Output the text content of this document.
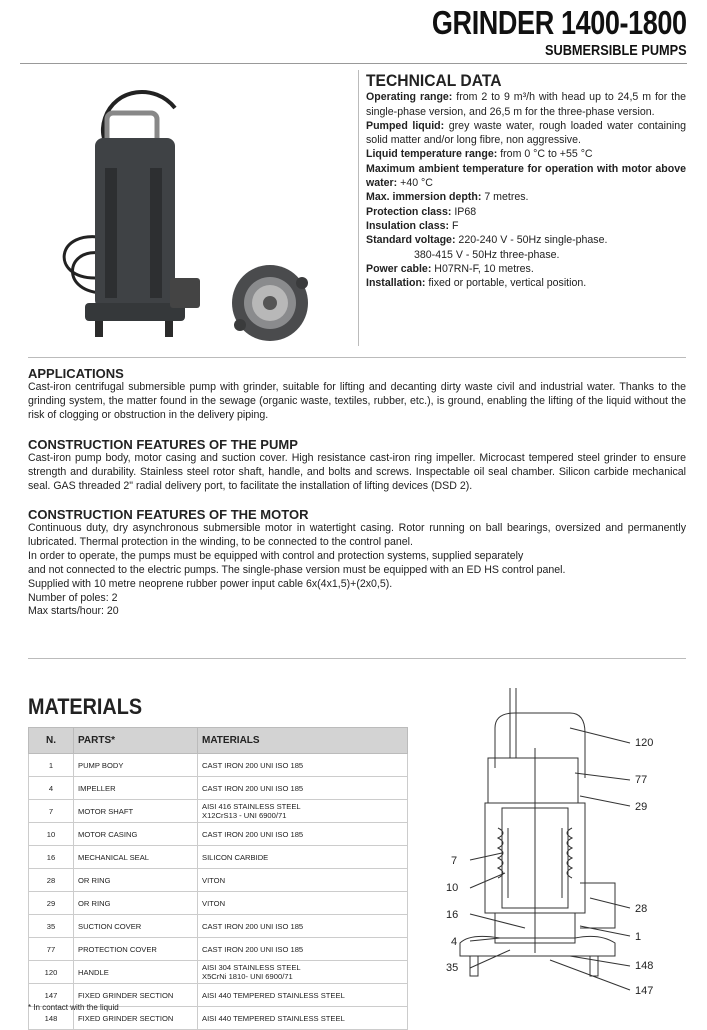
GRINDER 1400-1800
SUBMERSIBLE PUMPS
TECHNICAL DATA

Operating range: from 2 to 9 m³/h with head up to 24,5 m for the single-phase version, and 26,5 m for the three-phase version.

Pumped liquid: grey waste water, rough loaded water containing solid matter and/or long fibre, non aggressive.

Liquid temperature range: from 0 °C to +55 °C

Maximum ambient temperature for operation with motor above water: +40 °C

Max. immersion depth: 7 metres.

Protection class: IP68

Insulation class: F

Standard voltage: 220-240 V - 50Hz single-phase.

380-415 V - 50Hz three-phase.

Power cable: H07RN-F, 10 metres.

Installation: fixed or portable, vertical position.

APPLICATIONS

Cast-iron centrifugal submersible pump with grinder, suitable for lifting and decanting dirty waste civil and industrial water. Thanks to the grinding system, the matter found in the sewage (organic waste, textiles, rubber, etc.), is ground, enabling the lifting of the liquid without the risk of clogging or obstruction in the delivery piping.

CONSTRUCTION FEATURES OF THE PUMP

Cast-iron pump body, motor casing and suction cover. High resistance cast-iron ring impeller. Microcast tempered steel grinder to ensure strength and durability. Stainless steel rotor shaft, handle, and bolts and screws. Inspectable oil seal chamber. Silicon carbide mechanical seal. GAS threaded 2" radial delivery port, to facilitate the installation of lifting devices (DSD 2).

CONSTRUCTION FEATURES OF THE MOTOR

Continuous duty, dry asynchronous submersible motor in watertight casing. Rotor running on ball bearings, oversized and permanently lubricated. Thermal protection in the winding, to be connected to the control panel.

In order to operate, the pumps must be equipped with control and protection systems, supplied separately

and not connected to the electric pumps. The single-phase version must be equipped with an ED HS control panel.

Supplied with 10 metre neoprene rubber power input cable 6x(4x1,5)+(2x0,5).

Number of poles: 2

Max starts/hour: 20

MATERIALS
N.	PARTS*	MATERIALS
1	PUMP BODY	CAST IRON 200 UNI ISO 185
4	IMPELLER	CAST IRON 200 UNI ISO 185
7	MOTOR SHAFT	AISI 416 STAINLESS STEEL
X12CrS13 - UNI 6900/71
10	MOTOR CASING	CAST IRON 200 UNI ISO 185
16	MECHANICAL SEAL	SILICON CARBIDE
28	OR RING	VITON
29	OR RING	VITON
35	SUCTION COVER	CAST IRON 200 UNI ISO 185
77	PROTECTION COVER	CAST IRON 200 UNI ISO 185
120	HANDLE	AISI 304 STAINLESS STEEL
X5CrNi 1810- UNI 6900/71
147	FIXED GRINDER SECTION	AISI 440 TEMPERED STAINLESS STEEL
148	FIXED GRINDER SECTION	AISI 440 TEMPERED STAINLESS STEEL
* In contact with the liquid
120
77
29
7
10
16	28
1
4
35	148
147
